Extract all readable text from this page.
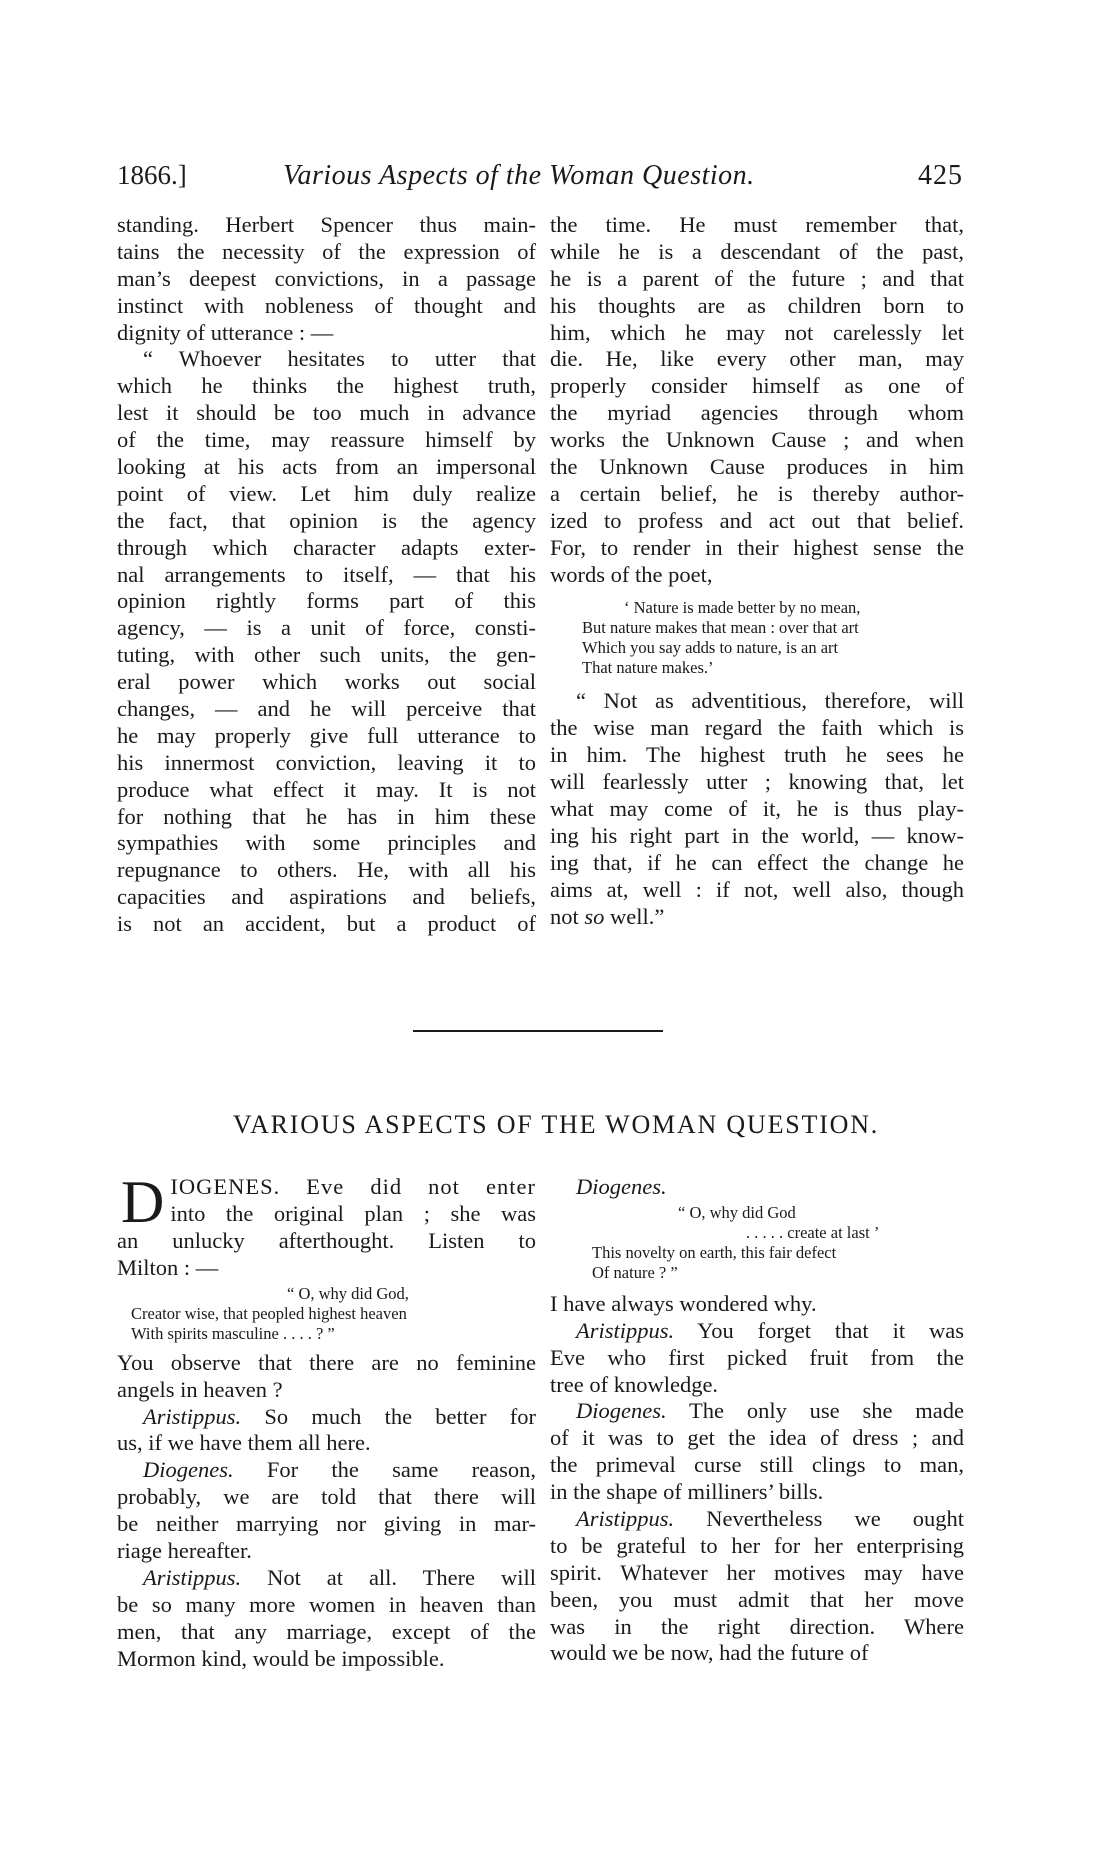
1866.]	Various Aspects of the Woman Question.	425
standing. Herbert Spencer thus main-
tains the necessity of the expression of
man’s deepest convictions, in a passage
instinct with nobleness of thought and
dignity of utterance : —
“ Whoever hesitates to utter that
which he thinks the highest truth,
lest it should be too much in advance
of the time, may reassure himself by
looking at his acts from an impersonal
point of view. Let him duly realize
the fact, that opinion is the agency
through which character adapts exter-
nal arrangements to itself, — that his
opinion rightly forms part of this
agency, — is a unit of force, consti-
tuting, with other such units, the gen-
eral power which works out social
changes, — and he will perceive that
he may properly give full utterance to
his innermost conviction, leaving it to
produce what effect it may. It is not
for nothing that he has in him these
sympathies with some principles and
repugnance to others. He, with all his
capacities and aspirations and beliefs,
is not an accident, but a product of
the time. He must remember that,
while he is a descendant of the past,
he is a parent of the future ; and that
his thoughts are as children born to
him, which he may not carelessly let
die. He, like every other man, may
properly consider himself as one of
the myriad agencies through whom
works the Unknown Cause ; and when
the Unknown Cause produces in him
a certain belief, he is thereby author-
ized to profess and act out that belief.
For, to render in their highest sense the
words of the poet,
‘ Nature is made better by no mean,
But nature makes that mean : over that art
Which you say adds to nature, is an art
That nature makes.’
“ Not as adventitious, therefore, will
the wise man regard the faith which is
in him. The highest truth he sees he
will fearlessly utter ; knowing that, let
what may come of it, he is thus play-
ing his right part in the world, — know-
ing that, if he can effect the change he
aims at, well : if not, well also, though
not so well.”
VARIOUS ASPECTS OF THE WOMAN QUESTION.
D IOGENES. Eve did not enter
into the original plan ; she was
an unlucky afterthought. Listen to
Milton : —
“ O, why did God,
Creator wise, that peopled highest heaven
With spirits masculine . . . . ? ”
You observe that there are no feminine
angels in heaven ?
Aristippus. So much the better for
us, if we have them all here.
Diogenes. For the same reason,
probably, we are told that there will
be neither marrying nor giving in mar-
riage hereafter.
Aristippus. Not at all. There will
be so many more women in heaven than
men, that any marriage, except of the
Mormon kind, would be impossible.
Diogenes.
“ O, why did God
. . . . . create at last ’
This novelty on earth, this fair defect
Of nature ? ”
I have always wondered why.
Aristippus. You forget that it was
Eve who first picked fruit from the
tree of knowledge.
Diogenes. The only use she made
of it was to get the idea of dress ; and
the primeval curse still clings to man,
in the shape of milliners’ bills.
Aristippus. Nevertheless we ought
to be grateful to her for her enterprising
spirit. Whatever her motives may have
been, you must admit that her move
was in the right direction. Where
would we be now, had the future of
